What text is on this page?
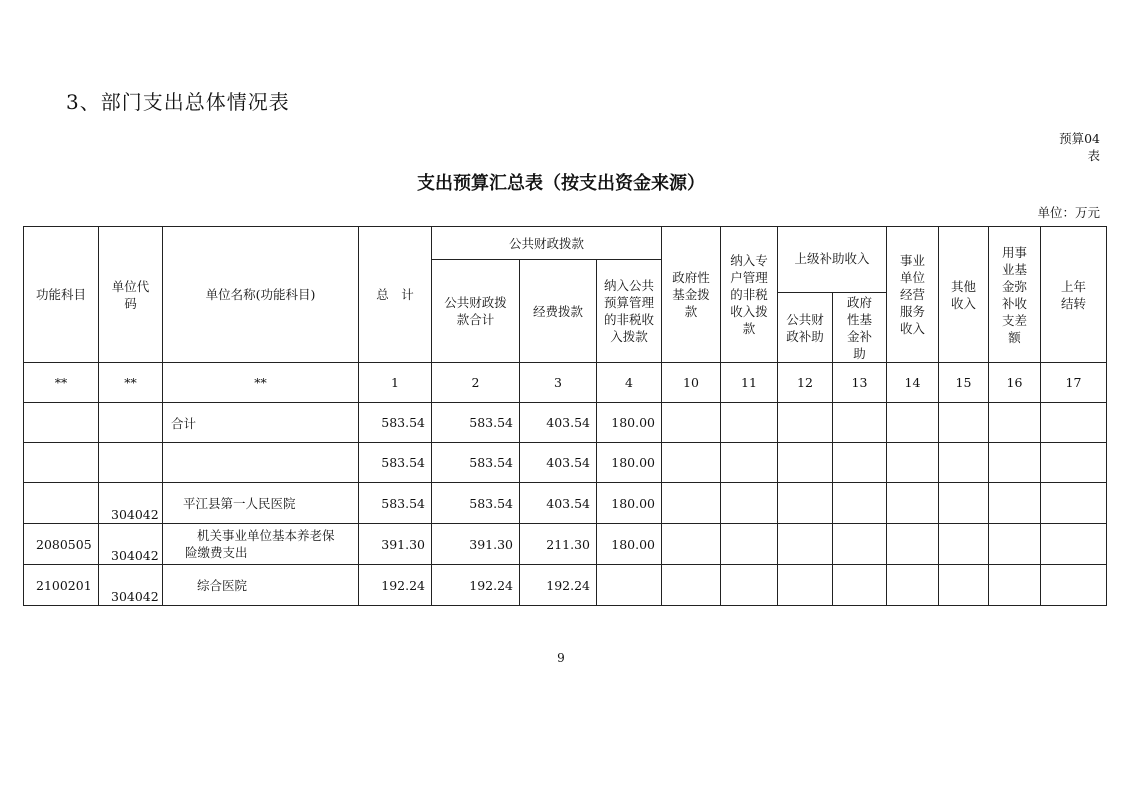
3、部门支出总体情况表
预算04
表
支出预算汇总表（按支出资金来源）
单位：万元
功能科目	单位代码	单位名称(功能科目)	总　计	公共财政拨款			政府性基金拨款	纳入专户管理的非税收入拨款	上级补助收入		事业单位经营服务收入	其他收入	用事业基金弥补收支差额	上年结转
				公共财政拨款合计	经费拨款	纳入公共预算管理的非税收入拨款								
									公共财政补助	政府性基金补助				
**	**	**	1	2	3	4	10	11	12	13	14	15	16	17
		合计	583.54	583.54	403.54	180.00								
			583.54	583.54	403.54	180.00								
	304042	平江县第一人民医院	583.54	583.54	403.54	180.00								
2080505	304042	机关事业单位基本养老保
险缴费支出	391.30	391.30	211.30	180.00								
2100201	304042	综合医院	192.24	192.24	192.24									
9
